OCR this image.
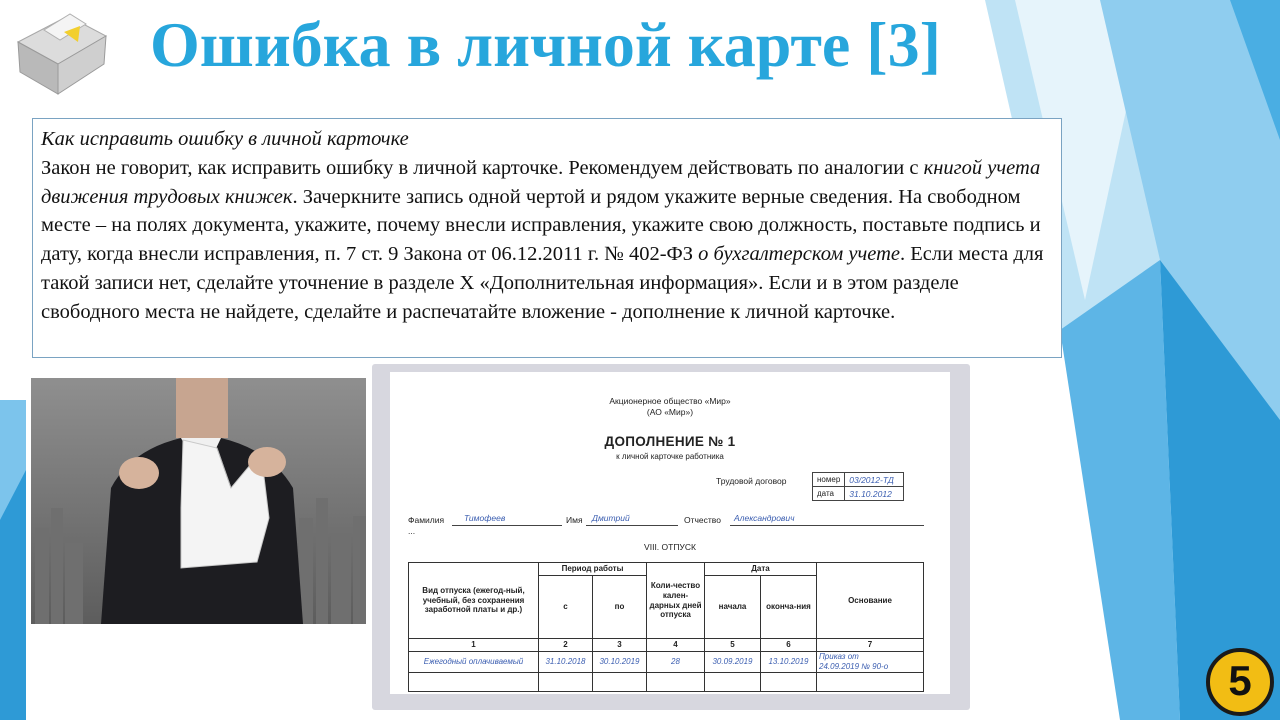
Ошибка в личной карте [3]

Как исправить ошибку в личной карточке

Закон не говорит, как исправить ошибку в личной карточке. Рекомендуем действовать по аналогии с книгой учета движения трудовых книжек. Зачеркните запись одной чертой и рядом укажите верные сведения. На свободном месте – на полях документа, укажите, почему внесли исправления, укажите свою должность, поставьте подпись и дату, когда внесли исправления, п. 7 ст. 9 Закона от 06.12.2011 г. № 402-ФЗ о бухгалтерском учете. Если места для такой записи нет, сделайте уточнение в разделе X «Дополнительная информация». Если и в этом разделе свободного места не найдете, сделайте и распечатайте вложение - дополнение к личной карточке.

Акционерное общество «Мир»
(АО «Мир»)
ДОПОЛНЕНИЕ № 1
к личной карточке работника
Трудовой договор	номер	03/2012-ТД
дата	31.10.2012
Фамилия Тимофеев	Имя Дмитрий	Отчество Александрович
...
VIII. ОТПУСК
Вид отпуска (ежегод-ный, учебный, без сохранения заработной платы и др.)	Период работы		Коли-чество кален-дарных дней отпуска	Дата		Основание
	с	по		начала	оконча-ния	
1	2	3	4	5	6	7
Ежегодный оплачиваемый	31.10.2018	30.10.2019	28	30.09.2019	13.10.2019	Приказ от
24.09.2019 № 90-о

							5
